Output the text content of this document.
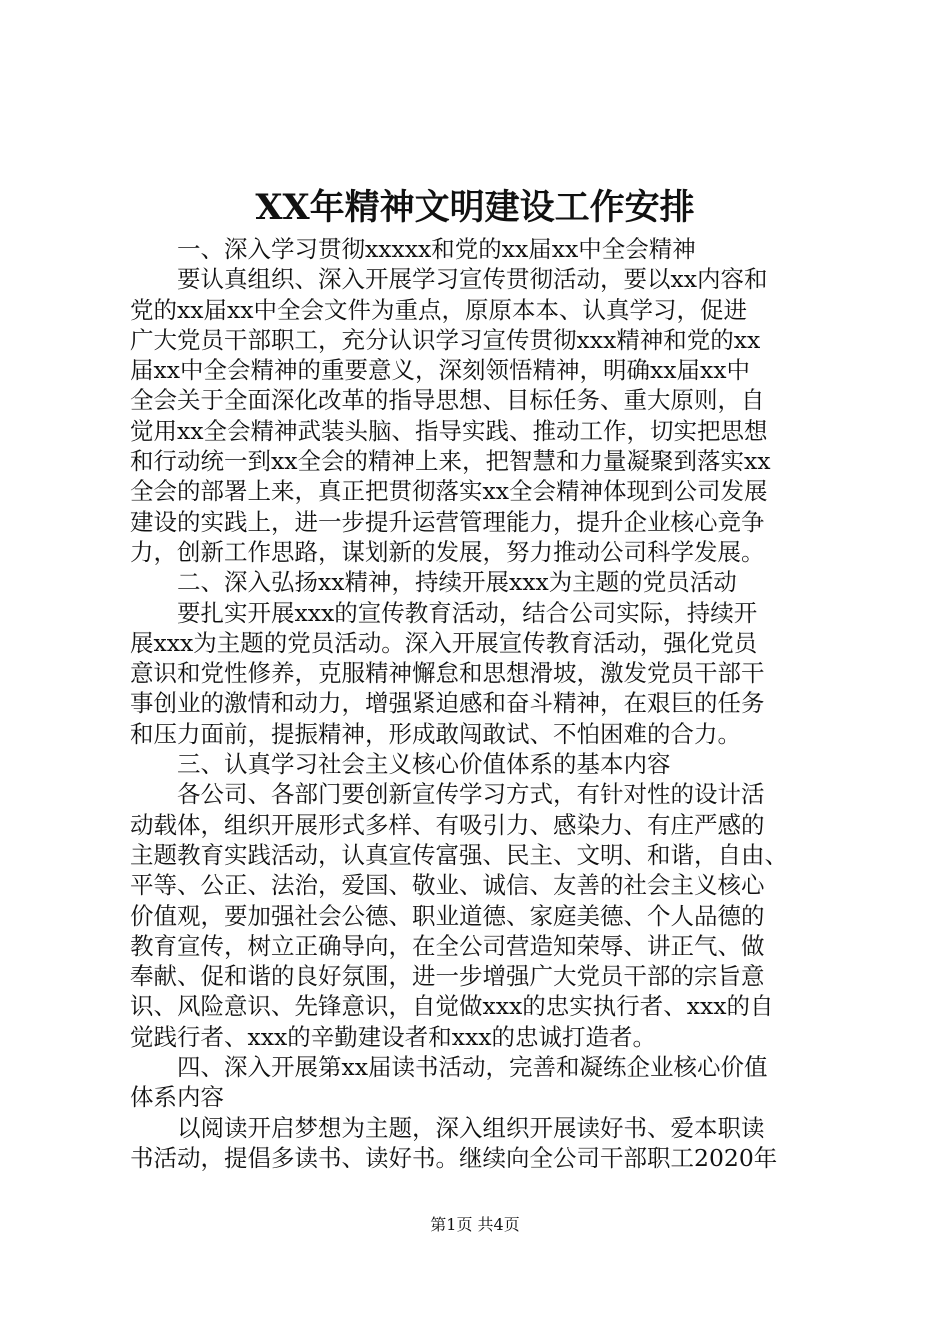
XX年精神文明建设工作安排
　　一、深入学习贯彻xxxxx和党的xx届xx中全会精神
　　要认真组织、深入开展学习宣传贯彻活动，要以xx内容和
党的xx届xx中全会文件为重点，原原本本、认真学习，促进
广大党员干部职工，充分认识学习宣传贯彻xxx精神和党的xx
届xx中全会精神的重要意义，深刻领悟精神，明确xx届xx中
全会关于全面深化改革的指导思想、目标任务、重大原则，自
觉用xx全会精神武装头脑、指导实践、推动工作，切实把思想
和行动统一到xx全会的精神上来，把智慧和力量凝聚到落实xx
全会的部署上来，真正把贯彻落实xx全会精神体现到公司发展
建设的实践上，进一步提升运营管理能力，提升企业核心竞争
力，创新工作思路，谋划新的发展，努力推动公司科学发展。
　　二、深入弘扬xx精神，持续开展xxx为主题的党员活动
　　要扎实开展xxx的宣传教育活动，结合公司实际，持续开
展xxx为主题的党员活动。深入开展宣传教育活动，强化党员
意识和党性修养，克服精神懈怠和思想滑坡，激发党员干部干
事创业的激情和动力，增强紧迫感和奋斗精神，在艰巨的任务
和压力面前，提振精神，形成敢闯敢试、不怕困难的合力。
　　三、认真学习社会主义核心价值体系的基本内容
　　各公司、各部门要创新宣传学习方式，有针对性的设计活
动载体，组织开展形式多样、有吸引力、感染力、有庄严感的
主题教育实践活动，认真宣传富强、民主、文明、和谐，自由、
平等、公正、法治，爱国、敬业、诚信、友善的社会主义核心
价值观，要加强社会公德、职业道德、家庭美德、个人品德的
教育宣传，树立正确导向，在全公司营造知荣辱、讲正气、做
奉献、促和谐的良好氛围，进一步增强广大党员干部的宗旨意
识、风险意识、先锋意识，自觉做xxx的忠实执行者、xxx的自
觉践行者、xxx的辛勤建设者和xxx的忠诚打造者。
　　四、深入开展第xx届读书活动，完善和凝练企业核心价值
体系内容
　　以阅读开启梦想为主题，深入组织开展读好书、爱本职读
书活动，提倡多读书、读好书。继续向全公司干部职工2020年
第1页 共4页
